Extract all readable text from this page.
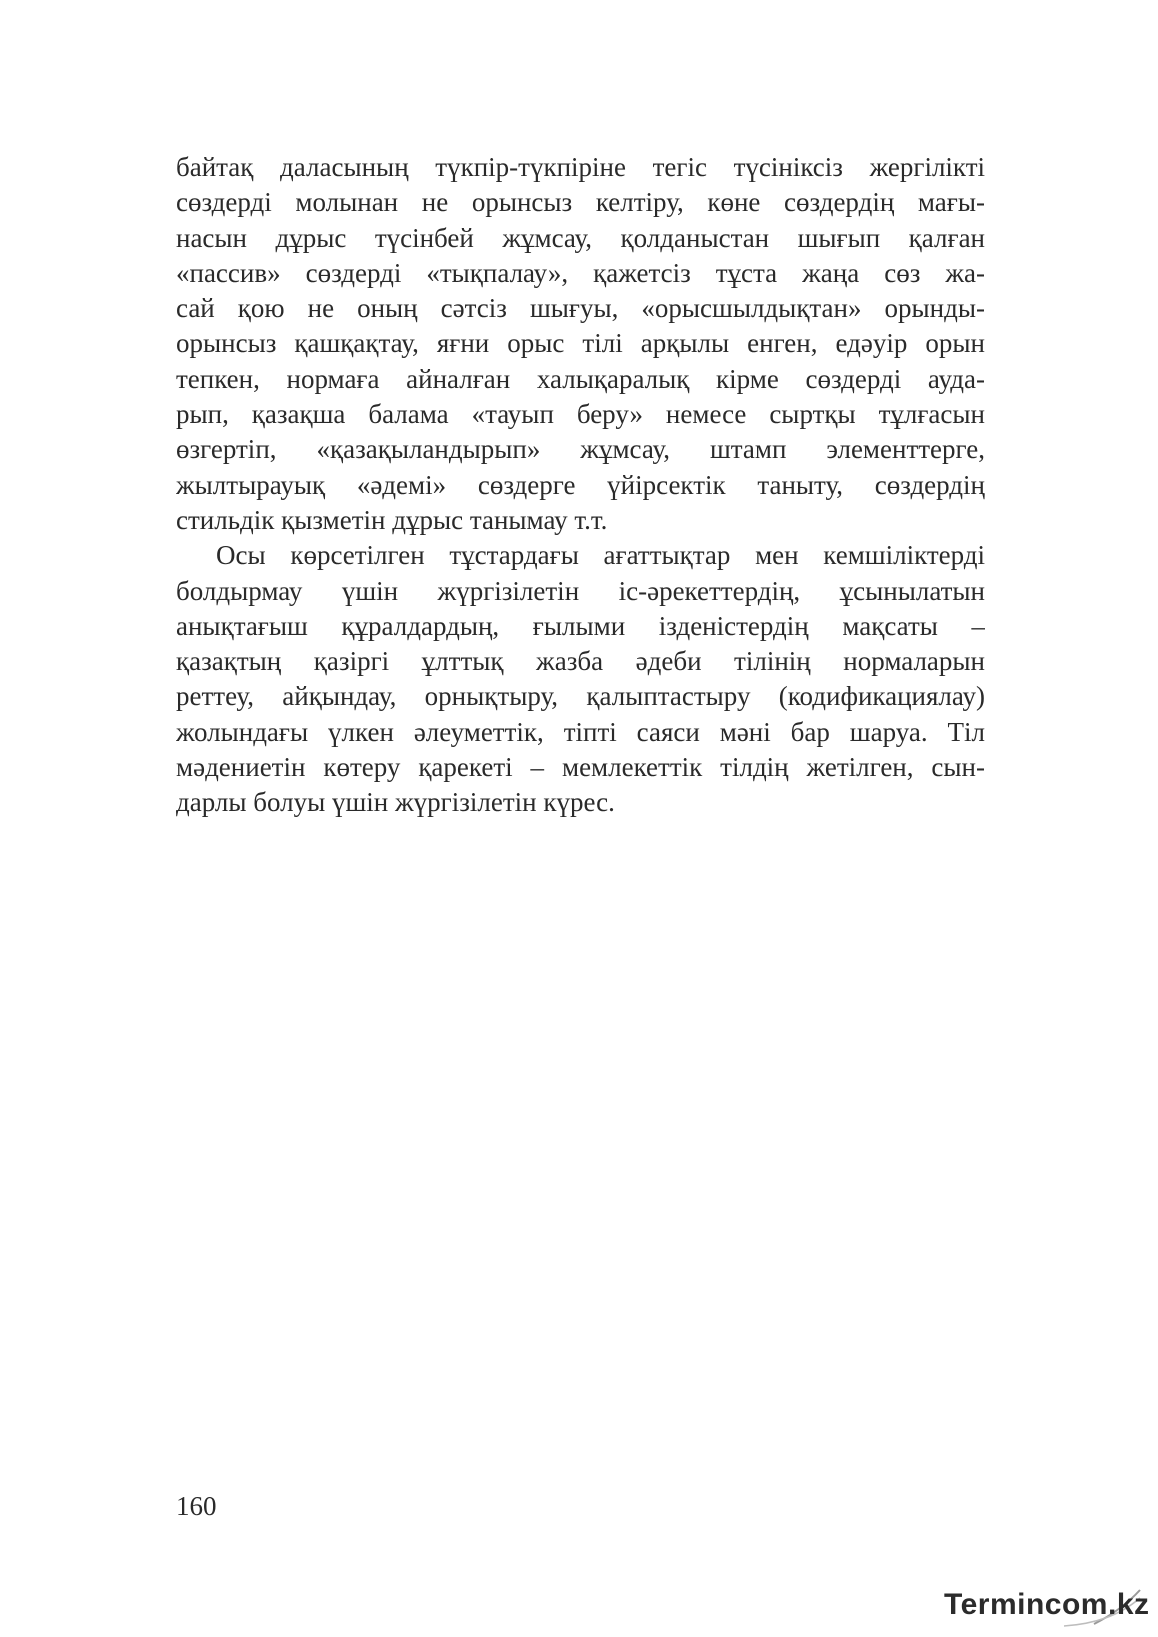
байтақ даласының түкпір-түкпіріне тегіс түсініксіз жергілікті
сөздерді молынан не орынсыз келтіру, көне сөздердің мағы-
насын дұрыс түсінбей жұмсау, қолданыстан шығып қалған
«пассив» сөздерді «тықпалау», қажетсіз тұста жаңа сөз жа-
сай қою не оның сәтсіз шығуы, «орысшылдықтан» орынды-
орынсыз қашқақтау, яғни орыс тілі арқылы енген, едәуір орын
тепкен, нормаға айналған халықаралық кірме сөздерді аудa-
рып, қазақша балама «тауып беру» немесе сыртқы тұлғасын
өзгертіп, «қазақыландырып» жұмсау, штамп элементтерге,
жылтырауық «әдемі» сөздерге үйірсектік таныту, сөздердің
стильдік қызметін дұрыс танымау т.т.
Осы көрсетілген тұстардағы ағаттықтар мен кемшіліктерді
болдырмау үшін жүргізілетін іс-әрекеттердің, ұсынылатын
анықтағыш құралдардың, ғылыми ізденістердің мақсаты –
қазақтың қазіргі ұлттық жазба әдеби тілінің нормаларын
реттеу, айқындау, орнықтыру, қалыптастыру (кодификациялау)
жолындағы үлкен әлеуметтік, тіпті саяси мәні бар шаруа. Тіл
мәдениетін көтеру қарекеті – мемлекеттік тілдің жетілген, сын-
дарлы болуы үшін жүргізілетін күрес.
160
Termincom.kz
